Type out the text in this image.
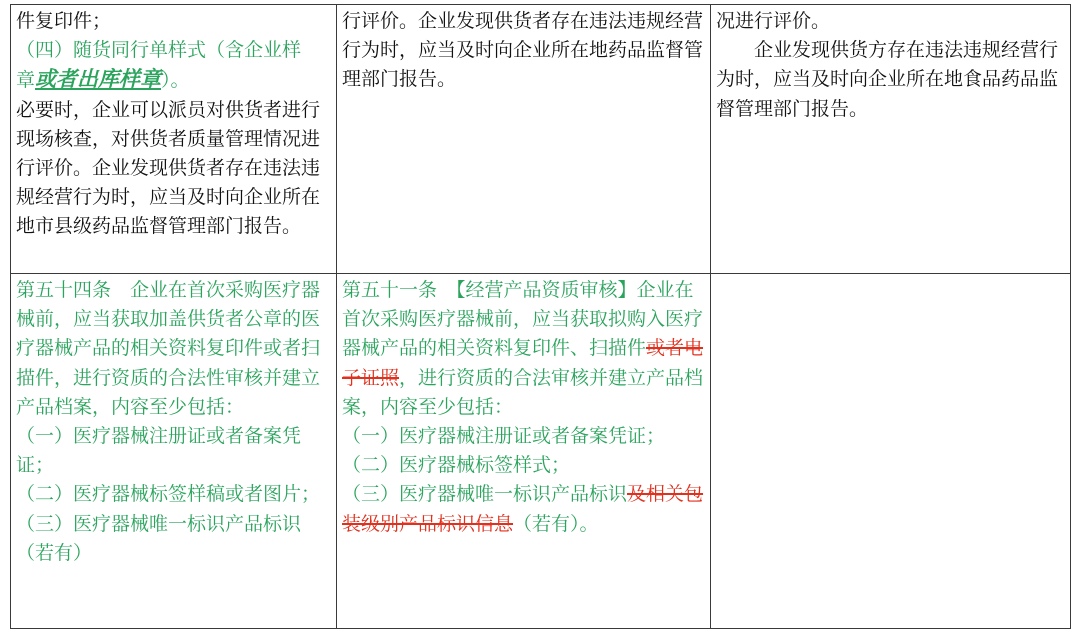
件复印件；
（四）随货同行单样式（含企业样
章或者出库样章）。
必要时，企业可以派员对供货者进行现场核查，对供货者质量管理情况进行评价。企业发现供货者存在违法违规经营行为时，应当及时向企业所在地市县级药品监督管理部门报告。	行评价。企业发现供货者存在违法违规经营行为时，应当及时向企业所在地药品监督管理部门报告。	况进行评价。
企业发现供货方存在违法违规经营行为时，应当及时向企业所在地食品药品监督管理部门报告。

第五十四条　企业在首次采购医疗器械前，应当获取加盖供货者公章的医疗器械产品的相关资料复印件或者扫描件，进行资质的合法性审核并建立产品档案，内容至少包括：
（一）医疗器械注册证或者备案凭证；
（二）医疗器械标签样稿或者图片；
（三）医疗器械唯一标识产品标识（若有）	第五十一条　【经营产品资质审核】企业在首次采购医疗器械前，应当获取拟购入医疗器械产品的相关资料复印件、扫描件或者电子证照，进行资质的合法审核并建立产品档案，内容至少包括：
（一）医疗器械注册证或者备案凭证；
（二）医疗器械标签样式；
（三）医疗器械唯一标识产品标识及相关包装级别产品标识信息（若有）。	
